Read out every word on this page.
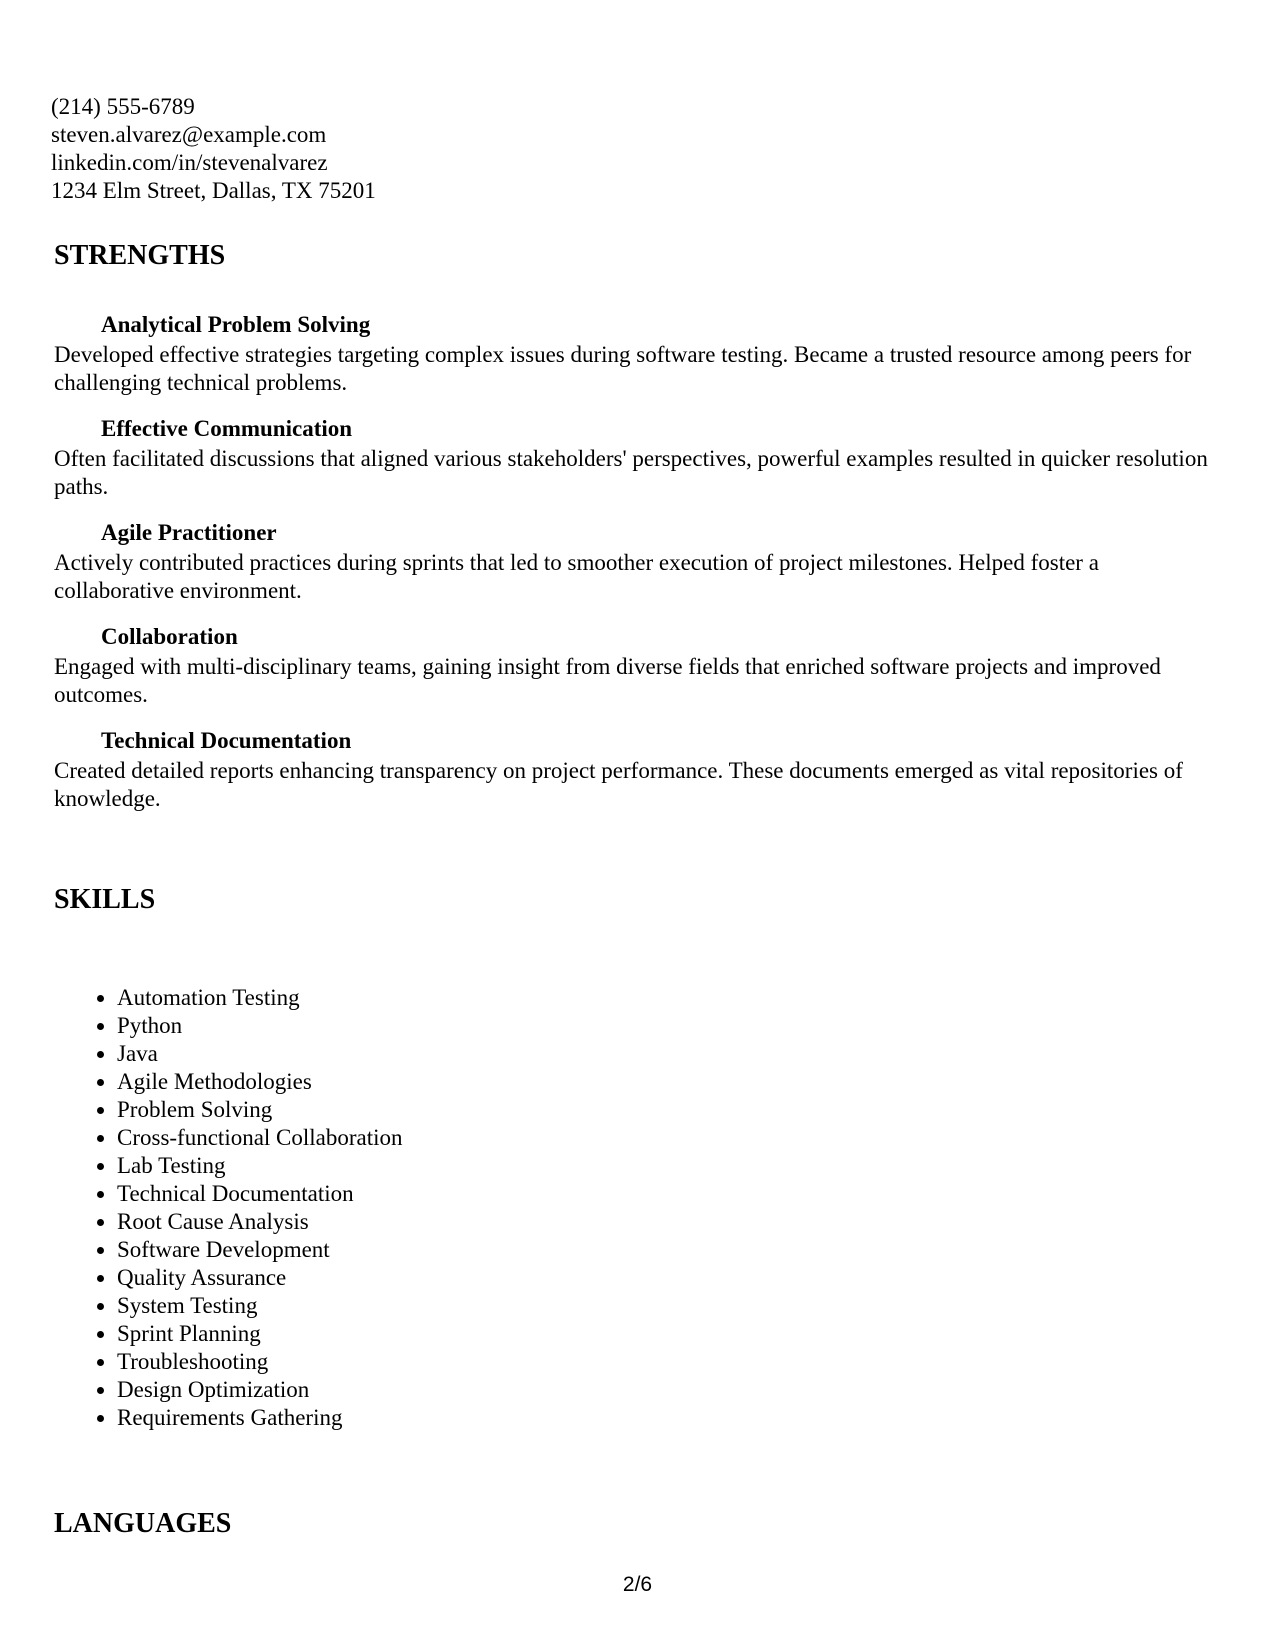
(214) 555-6789
steven.alvarez@example.com
linkedin.com/in/stevenalvarez
1234 Elm Street, Dallas, TX 75201
STRENGTHS
Analytical Problem Solving
Developed effective strategies targeting complex issues during software testing. Became a trusted resource among peers for challenging technical problems.
Effective Communication
Often facilitated discussions that aligned various stakeholders' perspectives, powerful examples resulted in quicker resolution paths.
Agile Practitioner
Actively contributed practices during sprints that led to smoother execution of project milestones. Helped foster a collaborative environment.
Collaboration
Engaged with multi-disciplinary teams, gaining insight from diverse fields that enriched software projects and improved outcomes.
Technical Documentation
Created detailed reports enhancing transparency on project performance. These documents emerged as vital repositories of knowledge.
SKILLS
• Automation Testing
• Python
• Java
• Agile Methodologies
• Problem Solving
• Cross-functional Collaboration
• Lab Testing
• Technical Documentation
• Root Cause Analysis
• Software Development
• Quality Assurance
• System Testing
• Sprint Planning
• Troubleshooting
• Design Optimization
• Requirements Gathering
LANGUAGES
2/6
